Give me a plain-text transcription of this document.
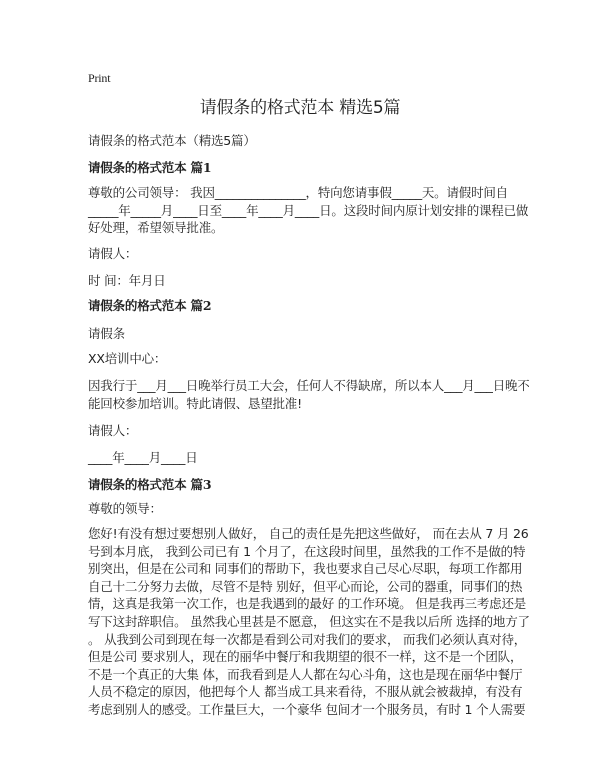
Print
请假条的格式范本 精选5篇
请假条的格式范本（精选5篇）
请假条的格式范本 篇1
尊敬的公司领导： 我因_______________，特向您请事假_____天。请假时间自
_____年_____月____日至____年____月____日。这段时间内原计划安排的课程已做
好处理，希望领导批准。
请假人：
时 间：年月日
请假条的格式范本 篇2
请假条
XX培训中心：
因我行于___月___日晚举行员工大会，任何人不得缺席，所以本人___月___日晚不
能回校参加培训。特此请假、恳望批准!
请假人：
____年____月____日
请假条的格式范本 篇3
尊敬的领导：
您好!有没有想过要想别人做好， 自己的责任是先把这些做好， 而在去从 7 月 26
号到本月底， 我到公司已有 1 个月了，在这段时间里，虽然我的工作不是做的特
别突出，但是在公司和 同事们的帮助下，我也要求自己尽心尽职，每项工作都用
自己十二分努力去做，尽管不是特 别好，但平心而论，公司的器重，同事们的热
情，这真是我第一次工作，也是我遇到的最好 的工作环境。 但是我再三考虑还是
写下这封辞职信。 虽然我心里甚是不愿意， 但这实在不是我以后所 选择的地方了
。 从我到公司到现在每一次都是看到公司对我们的要求， 而我们必须认真对待，
但是公司 要求别人，现在的丽华中餐厅和我期望的很不一样，这不是一个团队，
不是一个真正的大集 体，而我看到是人人都在勾心斗角，这也是现在丽华中餐厅
人员不稳定的原因，他把每个人 都当成工具来看待，不服从就会被裁掉，有没有
考虑到别人的感受。工作量巨大，一个豪华 包间才一个服务员，有时 1 个人需要
